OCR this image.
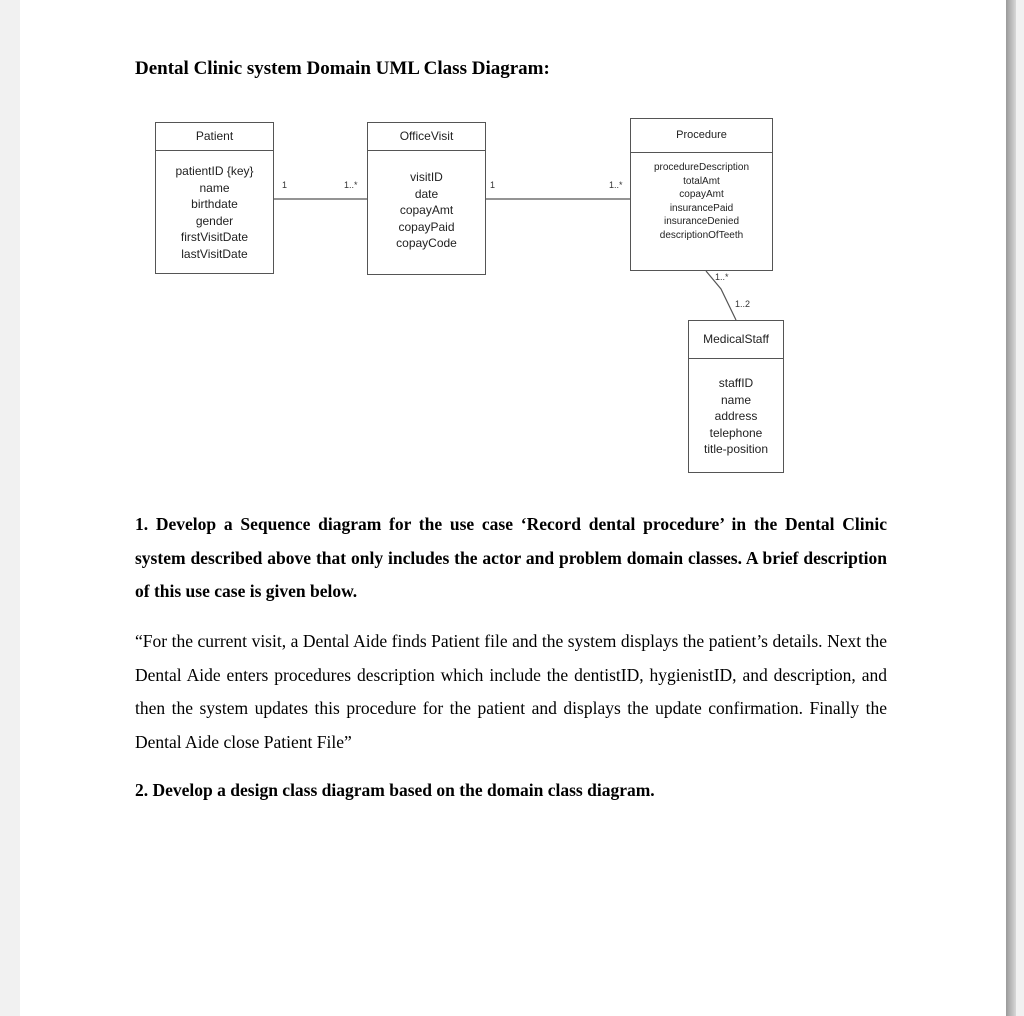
Dental Clinic system Domain UML Class Diagram:
Patient
patientID {key}
name
birthdate
gender
firstVisitDate
lastVisitDate
OfficeVisit
visitID
date
copayAmt
copayPaid
copayCode
Procedure
procedureDescription
totalAmt
copayAmt
insurancePaid
insuranceDenied
descriptionOfTeeth
MedicalStaff
staffID
name
address
telephone
title-position
1	1..*	1	1..*
1..*
1..2
1. Develop a Sequence diagram for the use case ‘Record dental procedure’ in the Dental Clinic system described above that only includes the actor and problem domain classes. A brief description of this use case is given below.
“For the current visit, a Dental Aide finds Patient file and the system displays the patient’s details. Next the Dental Aide enters procedures description which include the dentistID, hygienistID, and description, and then the system updates this procedure for the patient and displays the update confirmation. Finally the Dental Aide close Patient File”
2. Develop a design class diagram based on the domain class diagram.
